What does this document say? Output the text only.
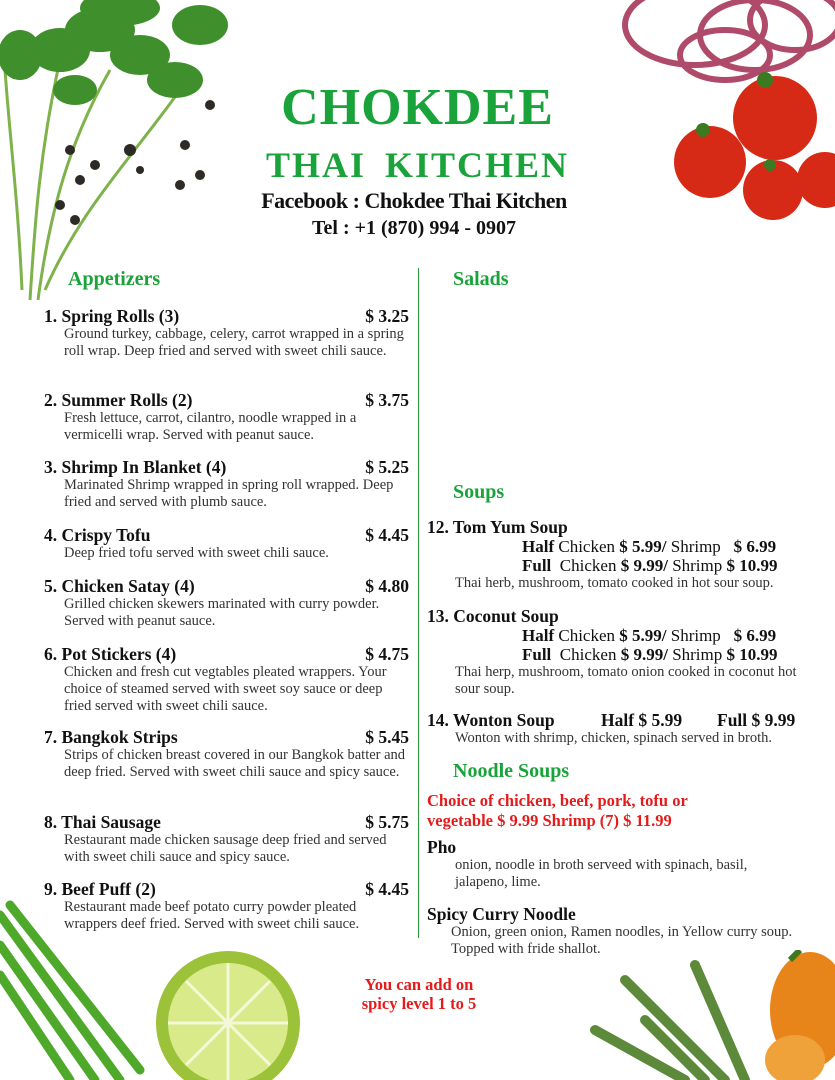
CHOKDEE
THAI KITCHEN
Facebook : Chokdee Thai Kitchen
Tel : +1 (870) 994 - 0907
Appetizers
1. Spring Rolls (3)	$ 3.25
Ground turkey, cabbage, celery, carrot wrapped in a spring roll wrap. Deep fried and served with sweet chili sauce.
2. Summer Rolls (2)	$ 3.75
Fresh lettuce, carrot, cilantro, noodle wrapped in a vermicelli wrap. Served with peanut sauce.
3. Shrimp In Blanket (4)	$ 5.25
Marinated Shrimp wrapped in spring roll wrapped. Deep fried and served with plumb sauce.
4. Crispy Tofu	$ 4.45
Deep fried tofu served with sweet chili sauce.
5. Chicken Satay (4)	$ 4.80
Grilled chicken skewers marinated with curry powder. Served with peanut sauce.
6. Pot Stickers (4)	$ 4.75
Chicken and fresh cut vegtables pleated wrappers. Your choice of steamed served with sweet soy sauce or deep fried served with sweet chili sauce.
7. Bangkok Strips	$ 5.45
Strips of chicken breast covered in our Bangkok batter and deep fried. Served with sweet chili sauce and spicy sauce.
8. Thai Sausage	$ 5.75
Restaurant made chicken sausage deep fried and served with sweet chili sauce and spicy sauce.
9. Beef Puff (2)	$ 4.45
Restaurant made beef potato curry powder pleated wrappers deef fried. Served with sweet chili sauce.
You can add on
spicy level 1 to 5
Salads
Soups
12. Tom Yum Soup
Half Chicken $ 5.99/ Shrimp $ 6.99
Full Chicken $ 9.99/ Shrimp $ 10.99
Thai herb, mushroom, tomato cooked in hot sour soup.
13. Coconut Soup
Half Chicken $ 5.99/ Shrimp $ 6.99
Full Chicken $ 9.99/ Shrimp $ 10.99
Thai herp, mushroom, tomato onion cooked in coconut hot sour soup.
14. Wonton Soup	Half $ 5.99	Full $ 9.99
Wonton with shrimp, chicken, spinach served in broth.
Noodle Soups
Choice of chicken, beef, pork, tofu or
vegetable $ 9.99 Shrimp (7) $ 11.99
Pho
onion, noodle in broth serveed with spinach, basil, jalapeno, lime.
Spicy Curry Noodle
Onion, green onion, Ramen noodles, in Yellow curry soup. Topped with fride shallot.
